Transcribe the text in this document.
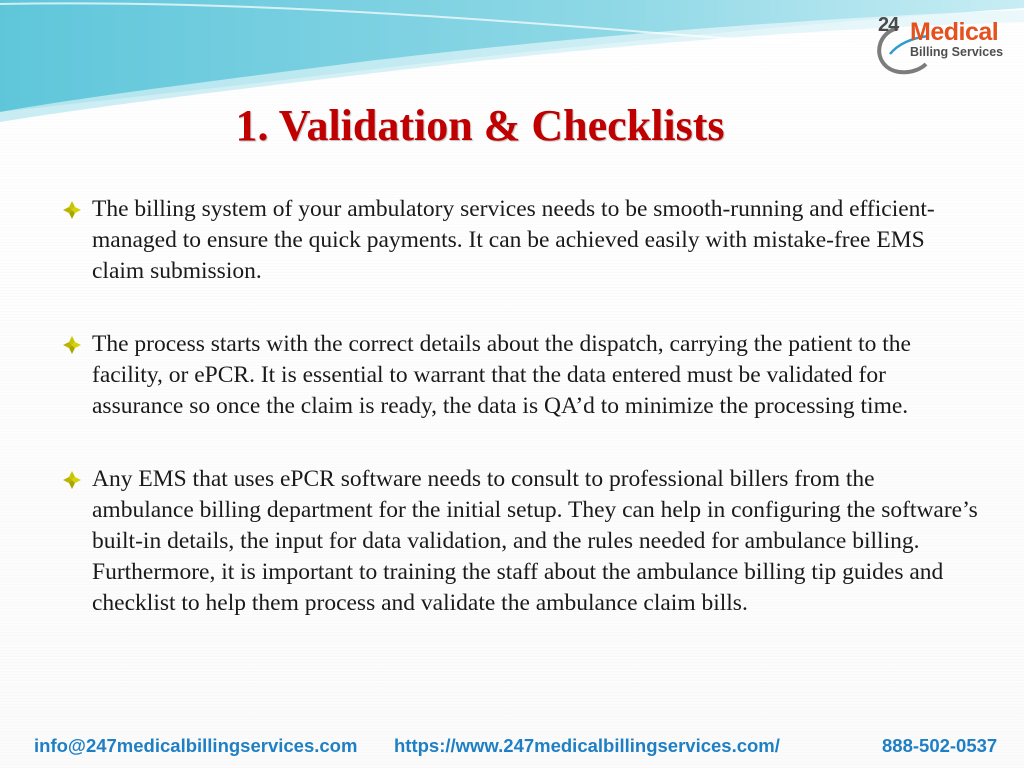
24 Medical
Billing Services
1. Validation & Checklists

The billing system of your ambulatory services needs to be smooth-running and efficient-managed to ensure the quick payments. It can be achieved easily with mistake-free EMS claim submission.

The process starts with the correct details about the dispatch, carrying the patient to the facility, or ePCR. It is essential to warrant that the data entered must be validated for assurance so once the claim is ready, the data is QA’d to minimize the processing time.

Any EMS that uses ePCR software needs to consult to professional billers from the ambulance billing department for the initial setup. They can help in configuring the software’s built-in details, the input for data validation, and the rules needed for ambulance billing. Furthermore, it is important to training the staff about the ambulance billing tip guides and checklist to help them process and validate the ambulance claim bills.

info@247medicalbillingservices.com https://www.247medicalbillingservices.com/	888-502-0537
